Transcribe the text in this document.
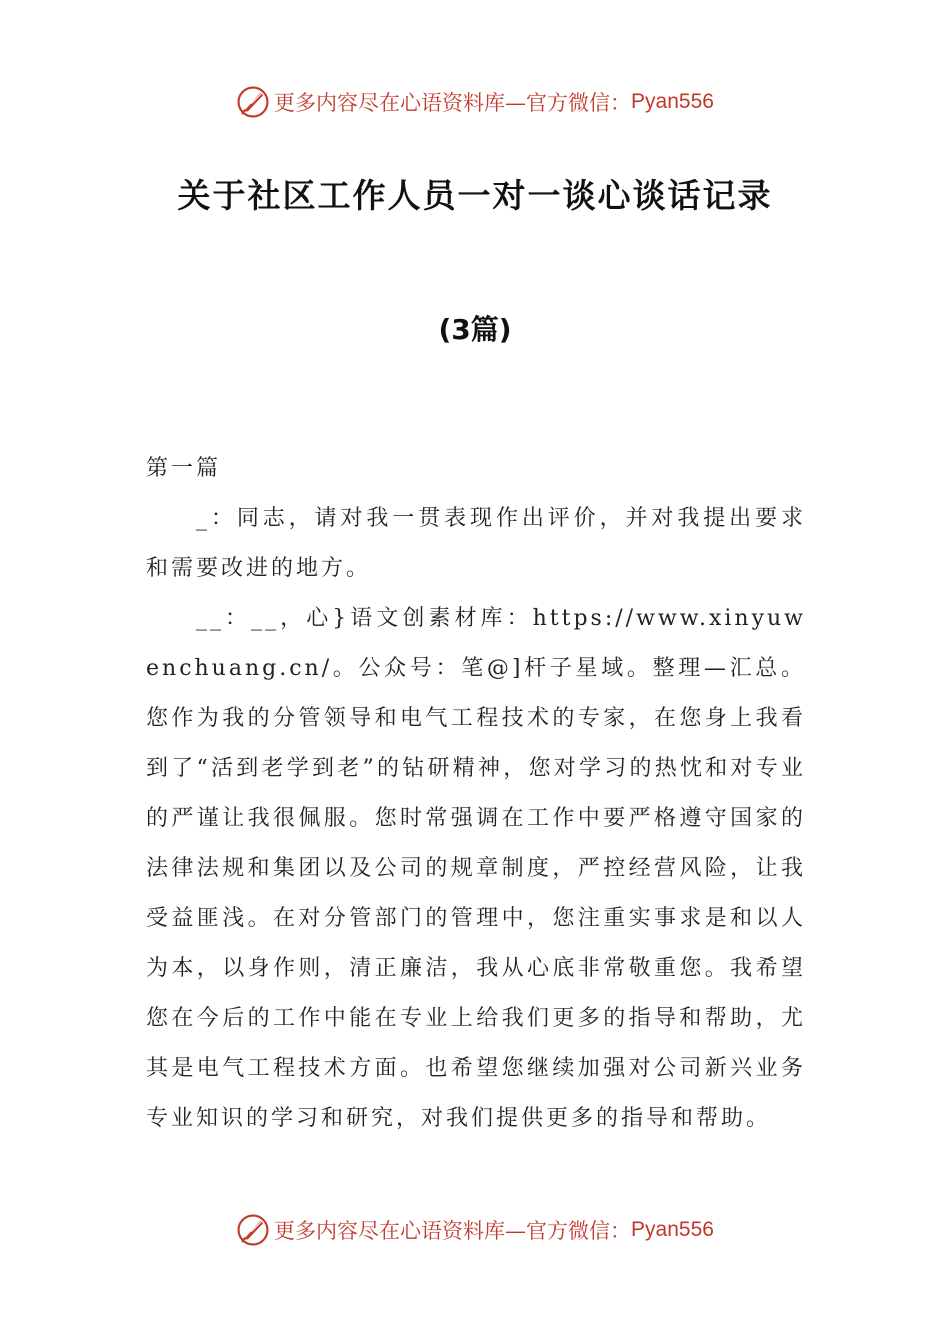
更多内容尽在心语资料库—官方微信： Pyan556
关于社区工作人员一对一谈心谈话记录
(3篇)

第一篇

_：同志，请对我一贯表现作出评价，并对我提出要求和需要改进的地方。

__：__，心}语文创素材库：https://www.xinyuwenchuang.cn/。公众号：笔@]杆子星域。整理—汇总。您作为我的分管领导和电气工程技术的专家，在您身上我看到了“活到老学到老”的钻研精神，您对学习的热忱和对专业的严谨让我很佩服。您时常强调在工作中要严格遵守国家的法律法规和集团以及公司的规章制度，严控经营风险，让我受益匪浅。在对分管部门的管理中，您注重实事求是和以人为本，以身作则，清正廉洁，我从心底非常敬重您。我希望您在今后的工作中能在专业上给我们更多的指导和帮助，尤其是电气工程技术方面。也希望您继续加强对公司新兴业务专业知识的学习和研究，对我们提供更多的指导和帮助。

更多内容尽在心语资料库—官方微信： Pyan556
